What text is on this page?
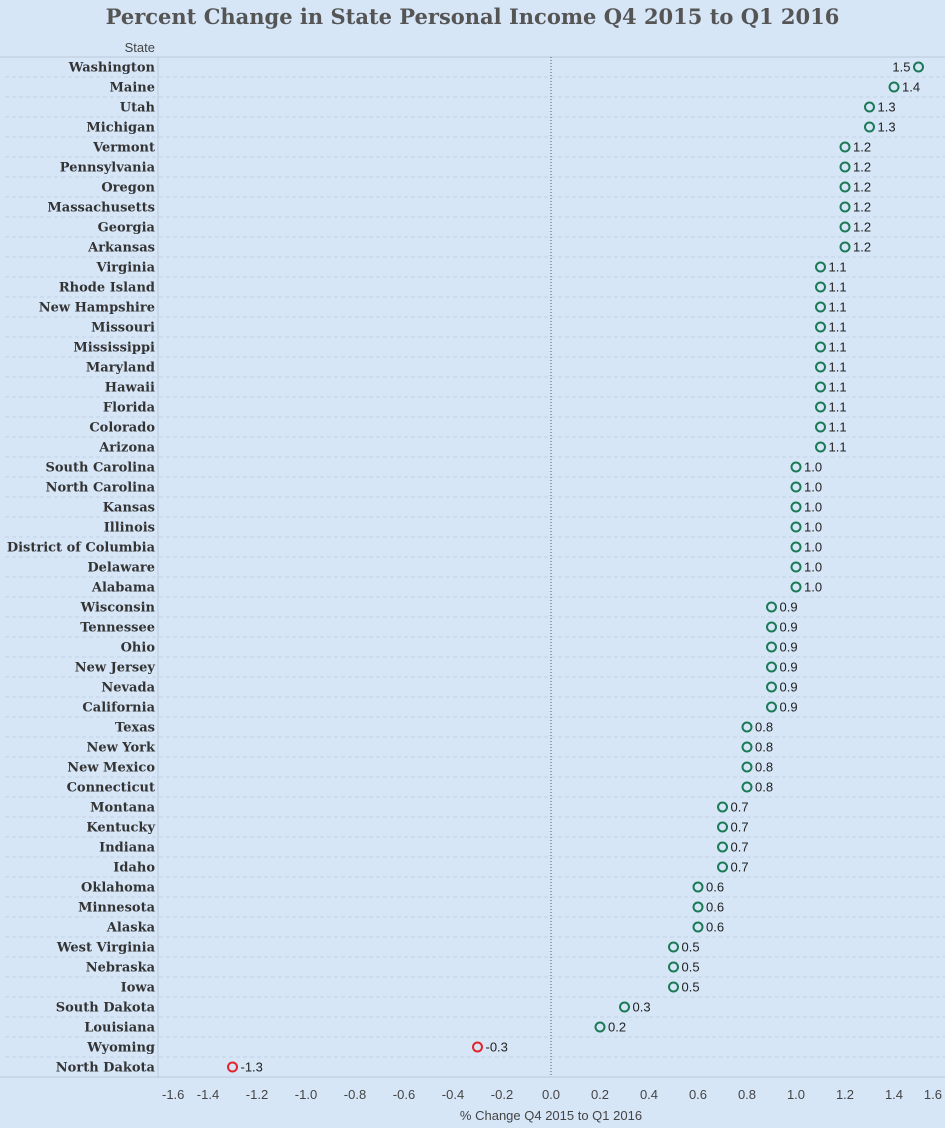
Percent Change in State Personal Income Q4 2015 to Q1 2016
State
Washington	1.5
Maine	1.4
Utah	1.3
Michigan	1.3
Vermont	1.2
Pennsylvania	1.2
Oregon	1.2
Massachusetts	1.2
Georgia	1.2
Arkansas	1.2
Virginia	1.1
Rhode Island	1.1
New Hampshire	1.1
Missouri	1.1
Mississippi	1.1
Maryland	1.1
Hawaii	1.1
Florida	1.1
Colorado	1.1
Arizona	1.1
South Carolina	1.0
North Carolina	1.0
Kansas	1.0
Illinois	1.0
District of Columbia	1.0
Delaware	1.0
Alabama	1.0
Wisconsin	0.9
Tennessee	0.9
Ohio	0.9
New Jersey	0.9
Nevada	0.9
California	0.9
Texas	0.8
New York	0.8
New Mexico	0.8
Connecticut	0.8
Montana	0.7
Kentucky	0.7
Indiana	0.7
Idaho	0.7
Oklahoma	0.6
Minnesota	0.6
Alaska	0.6
West Virginia	0.5
Nebraska	0.5
Iowa	0.5
South Dakota	0.3
Louisiana	0.2
Wyoming	-0.3
North Dakota	-1.3
-1.6 -1.4 -1.2 -1.0 -0.8 -0.6 -0.4 -0.2 0.0 0.2 0.4 0.6 0.8 1.0 1.2 1.4 1.6
% Change Q4 2015 to Q1 2016
